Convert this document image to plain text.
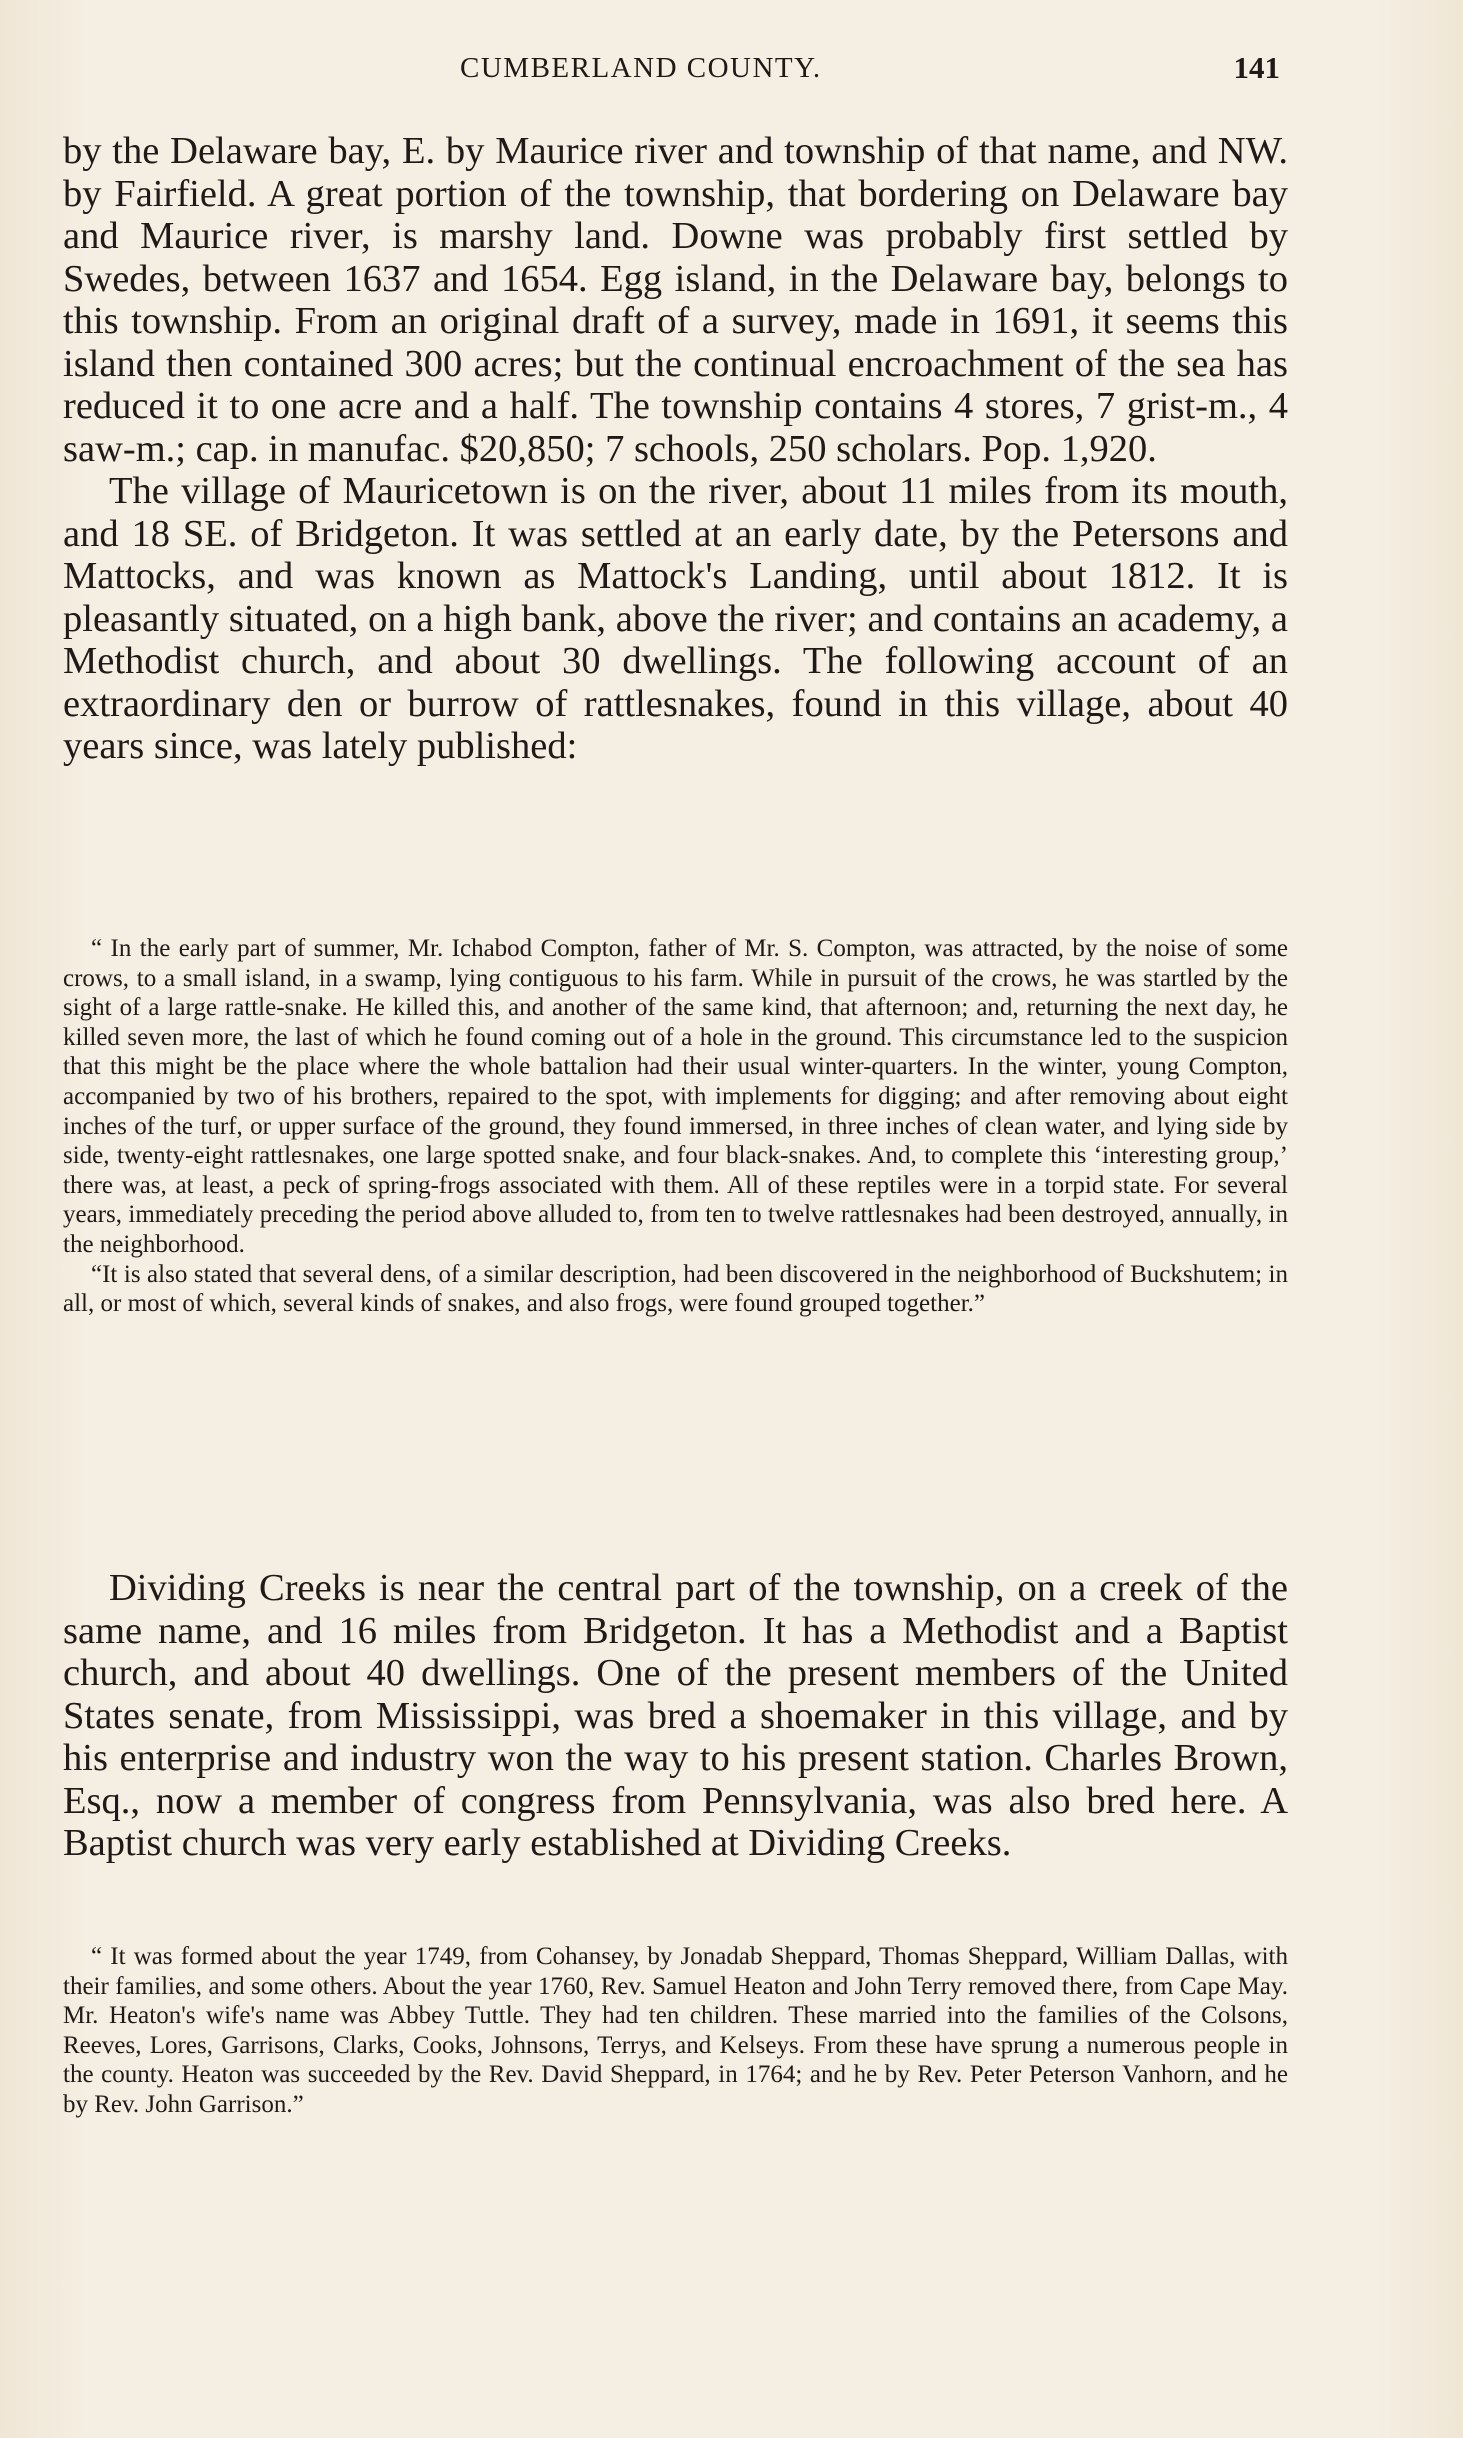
CUMBERLAND COUNTY.	141

by the Delaware bay, E. by Maurice river and township of that name, and NW. by Fairfield. A great portion of the township, that bordering on Delaware bay and Maurice river, is marshy land. Downe was probably first settled by Swedes, between 1637 and 1654. Egg island, in the Delaware bay, belongs to this township. From an original draft of a survey, made in 1691, it seems this island then contained 300 acres; but the continual encroachment of the sea has reduced it to one acre and a half. The township contains 4 stores, 7 grist-m., 4 saw-m.; cap. in manufac. $20,850; 7 schools, 250 scholars. Pop. 1,920.

The village of Mauricetown is on the river, about 11 miles from its mouth, and 18 SE. of Bridgeton. It was settled at an early date, by the Petersons and Mattocks, and was known as Mattock's Landing, until about 1812. It is pleasantly situated, on a high bank, above the river; and contains an academy, a Methodist church, and about 30 dwellings. The following account of an extraordinary den or burrow of rattlesnakes, found in this village, about 40 years since, was lately published:

“ In the early part of summer, Mr. Ichabod Compton, father of Mr. S. Compton, was attracted, by the noise of some crows, to a small island, in a swamp, lying contiguous to his farm. While in pursuit of the crows, he was startled by the sight of a large rattle-snake. He killed this, and another of the same kind, that afternoon; and, returning the next day, he killed seven more, the last of which he found coming out of a hole in the ground. This circumstance led to the suspicion that this might be the place where the whole battalion had their usual winter-quarters. In the winter, young Compton, accompanied by two of his brothers, repaired to the spot, with implements for digging; and after removing about eight inches of the turf, or upper surface of the ground, they found immersed, in three inches of clean water, and lying side by side, twenty-eight rattlesnakes, one large spotted snake, and four black-snakes. And, to complete this ‘interesting group,’ there was, at least, a peck of spring-frogs associated with them. All of these reptiles were in a torpid state. For several years, immediately preceding the period above alluded to, from ten to twelve rattlesnakes had been destroyed, annually, in the neighborhood.

“It is also stated that several dens, of a similar description, had been discovered in the neighborhood of Buckshutem; in all, or most of which, several kinds of snakes, and also frogs, were found grouped together.”

Dividing Creeks is near the central part of the township, on a creek of the same name, and 16 miles from Bridgeton. It has a Methodist and a Baptist church, and about 40 dwellings. One of the present members of the United States senate, from Mississippi, was bred a shoemaker in this village, and by his enterprise and industry won the way to his present station. Charles Brown, Esq., now a member of congress from Pennsylvania, was also bred here. A Baptist church was very early established at Dividing Creeks.

“ It was formed about the year 1749, from Cohansey, by Jonadab Sheppard, Thomas Sheppard, William Dallas, with their families, and some others. About the year 1760, Rev. Samuel Heaton and John Terry removed there, from Cape May. Mr. Heaton's wife's name was Abbey Tuttle. They had ten children. These married into the families of the Colsons, Reeves, Lores, Garrisons, Clarks, Cooks, Johnsons, Terrys, and Kelseys. From these have sprung a numerous people in the county. Heaton was succeeded by the Rev. David Sheppard, in 1764; and he by Rev. Peter Peterson Vanhorn, and he by Rev. John Garrison.”
